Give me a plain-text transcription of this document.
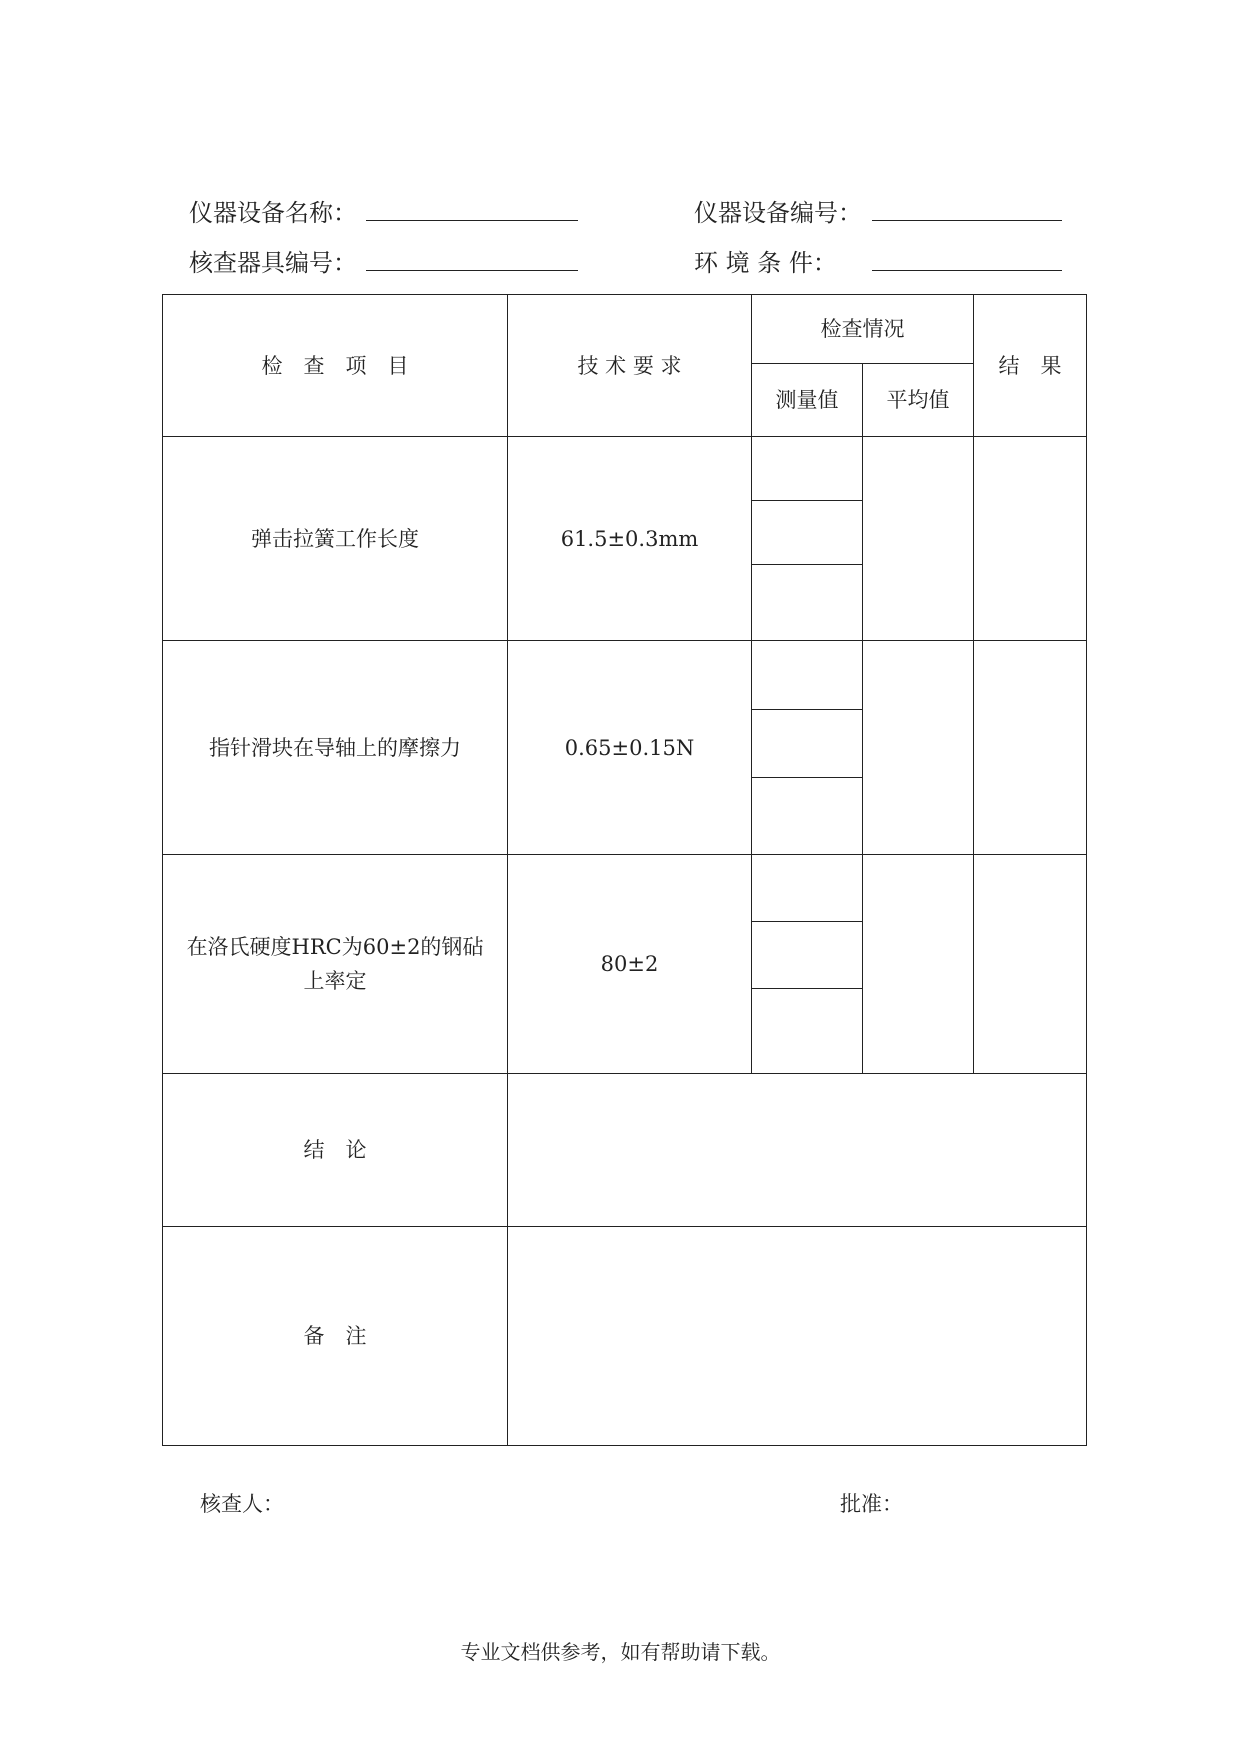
仪器设备名称：	仪器设备编号：
核查器具编号：	环 境 条 件：
检　查　项　目	技 术 要 求	检查情况		结　果
		测量值	平均值	
弹击拉簧工作长度	61.5±0.3mm			

指针滑块在导轴上的摩擦力	0.65±0.15N			

在洛氏硬度HRC为60±2的钢砧上率定	80±2			

结　论				
备　注				
核查人：	批准：
专业文档供参考，如有帮助请下载。
